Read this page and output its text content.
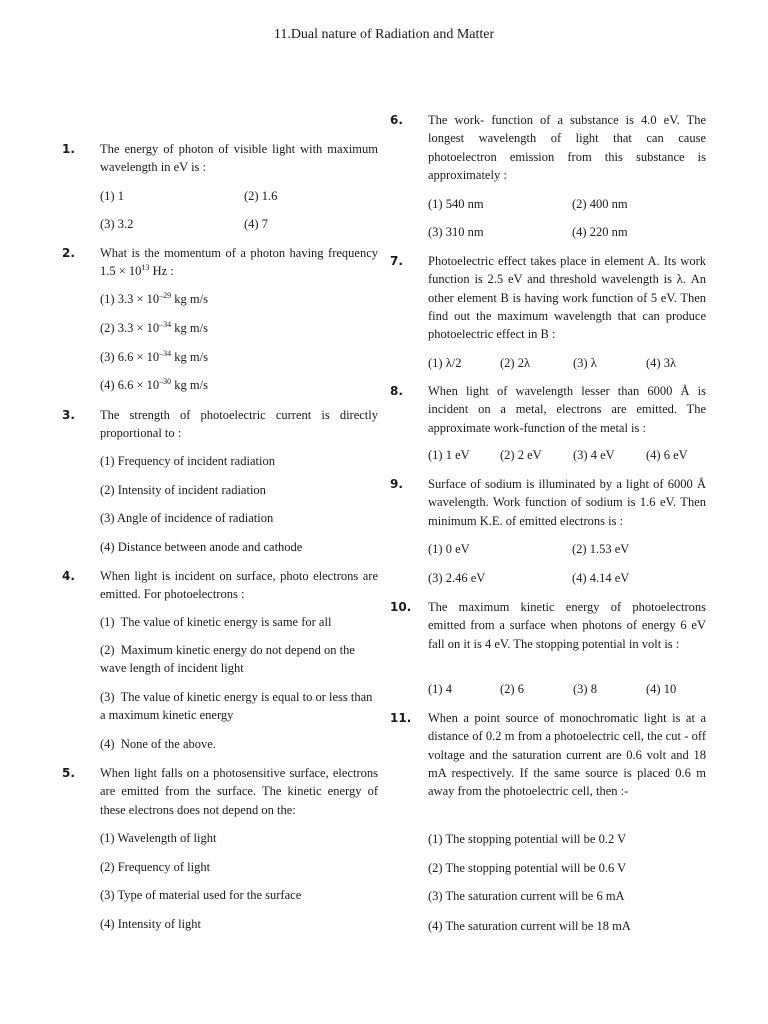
11.Dual nature of Radiation and Matter
1.	The energy of photon of visible light with maximum wavelength in eV is :
(1) 1	(2) 1.6
(3) 3.2	(4) 7
2.	What is the momentum of a photon having frequency $1.5 \times 10^{13}$ Hz :
(1) $3.3 \times 10^{-29}$ kg m/s
(2) $3.3 \times 10^{-34}$ kg m/s
(3) $6.6 \times 10^{-34}$ kg m/s
(4) $6.6 \times 10^{-30}$ kg m/s
3.	The strength of photoelectric current is directly proportional to :
(1) Frequency of incident radiation
(2) Intensity of incident radiation
(3) Angle of incidence of radiation
(4) Distance between anode and cathode
4.	When light is incident on surface, photo electrons are emitted. For photoelectrons :
(1) The value of kinetic energy is same for all
(2) Maximum kinetic energy do not depend on the wave length of incident light
(3) The value of kinetic energy is equal to or less than a maximum kinetic energy
(4) None of the above.
5.	When light falls on a photosensitive surface, electrons are emitted from the surface. The kinetic energy of these electrons does not depend on the:
(1) Wavelength of light
(2) Frequency of light
(3) Type of material used for the surface
(4) Intensity of light
6.	The work- function of a substance is 4.0 eV. The longest wavelength of light that can cause photoelectron emission from this substance is approximately :
(1) 540 nm	(2) 400 nm
(3) 310 nm	(4) 220 nm
7.	Photoelectric effect takes place in element A. Its work function is 2.5 eV and threshold wavelength is λ. An other element B is having work function of 5 eV. Then find out the maximum wavelength that can produce photoelectric effect in B :
(1) λ/2	(2) 2λ	(3) λ	(4) 3λ
8.	When light of wavelength lesser than 6000 Å is incident on a metal, electrons are emitted. The approximate work-function of the metal is :
(1) 1 eV (2) 2 eV	(3) 4 eV	(4) 6 eV
9.	Surface of sodium is illuminated by a light of 6000 Å wavelength. Work function of sodium is 1.6 eV. Then minimum K.E. of emitted electrons is :
(1) 0 eV	(2) 1.53 eV
(3) 2.46 eV	(4) 4.14 eV
10.	The maximum kinetic energy of photoelectrons emitted from a surface when photons of energy 6 eV fall on it is 4 eV. The stopping potential in volt is :
(1) 4	(2) 6	(3) 8	(4) 10
11.	When a point source of monochromatic light is at a distance of 0.2 m from a photoelectric cell, the cut - off voltage and the saturation current are 0.6 volt and 18 mA respectively. If the same source is placed 0.6 m away from the photoelectric cell, then :-
(1) The stopping potential will be 0.2 V
(2) The stopping potential will be 0.6 V
(3) The saturation current will be 6 mA
(4) The saturation current will be 18 mA
